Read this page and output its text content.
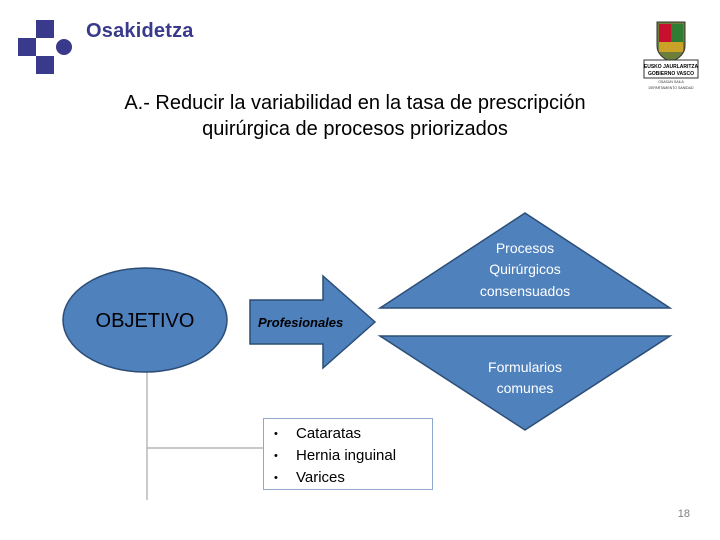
Osakidetza
EUSKO JAURLARITZA
GOBIERNO VASCO
OSASUN SAILA
DEPARTAMENTO SANIDAD
A.- Reducir la variabilidad en la tasa de prescripción
quirúrgica de procesos priorizados
OBJETIVO	Profesionales
Procesos
Quirúrgicos
consensuados
Formularios
comunes
• Cataratas
• Hernia inguinal
• Varices
18
